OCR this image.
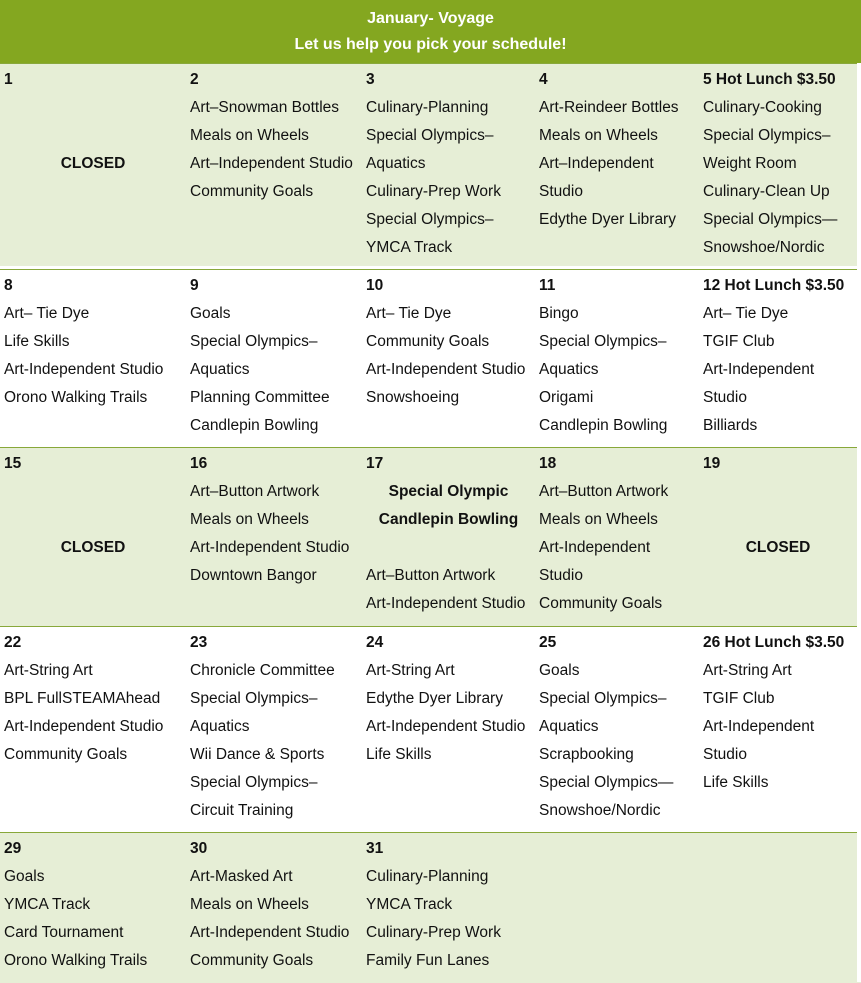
January- Voyage
Let us help you pick your schedule!
1
CLOSED
2
Art–Snowman Bottles
Meals on Wheels
Art–Independent Studio
Community Goals
3
Culinary-Planning
Special Olympics–
Aquatics
Culinary-Prep Work
Special Olympics–
YMCA Track
4
Art-Reindeer Bottles
Meals on Wheels
Art–Independent
Studio
Edythe Dyer Library
5 Hot Lunch $3.50
Culinary-Cooking
Special Olympics–
Weight Room
Culinary-Clean Up
Special Olympics—
Snowshoe/Nordic
8
Art– Tie Dye
Life Skills
Art-Independent Studio
Orono Walking Trails
9
Goals
Special Olympics–
Aquatics
Planning Committee
Candlepin Bowling
10
Art– Tie Dye
Community Goals
Art-Independent Studio
Snowshoeing
11
Bingo
Special Olympics–
Aquatics
Origami
Candlepin Bowling
12 Hot Lunch $3.50
Art– Tie Dye
TGIF Club
Art-Independent
Studio
Billiards
15
CLOSED
16
Art–Button Artwork
Meals on Wheels
Art-Independent Studio
Downtown Bangor
17
Special Olympic
Candlepin Bowling
Art–Button Artwork
Art-Independent Studio
18
Art–Button Artwork
Meals on Wheels
Art-Independent
Studio
Community Goals
19
CLOSED
22
Art-String Art
BPL FullSTEAMAhead
Art-Independent Studio
Community Goals
23
Chronicle Committee
Special Olympics–
Aquatics
Wii Dance & Sports
Special Olympics–
Circuit Training
24
Art-String Art
Edythe Dyer Library
Art-Independent Studio
Life Skills
25
Goals
Special Olympics–
Aquatics
Scrapbooking
Special Olympics—
Snowshoe/Nordic
26 Hot Lunch $3.50
Art-String Art
TGIF Club
Art-Independent
Studio
Life Skills
29
Goals
YMCA Track
Card Tournament
Orono Walking Trails
30
Art-Masked Art
Meals on Wheels
Art-Independent Studio
Community Goals
31
Culinary-Planning
YMCA Track
Culinary-Prep Work
Family Fun Lanes
